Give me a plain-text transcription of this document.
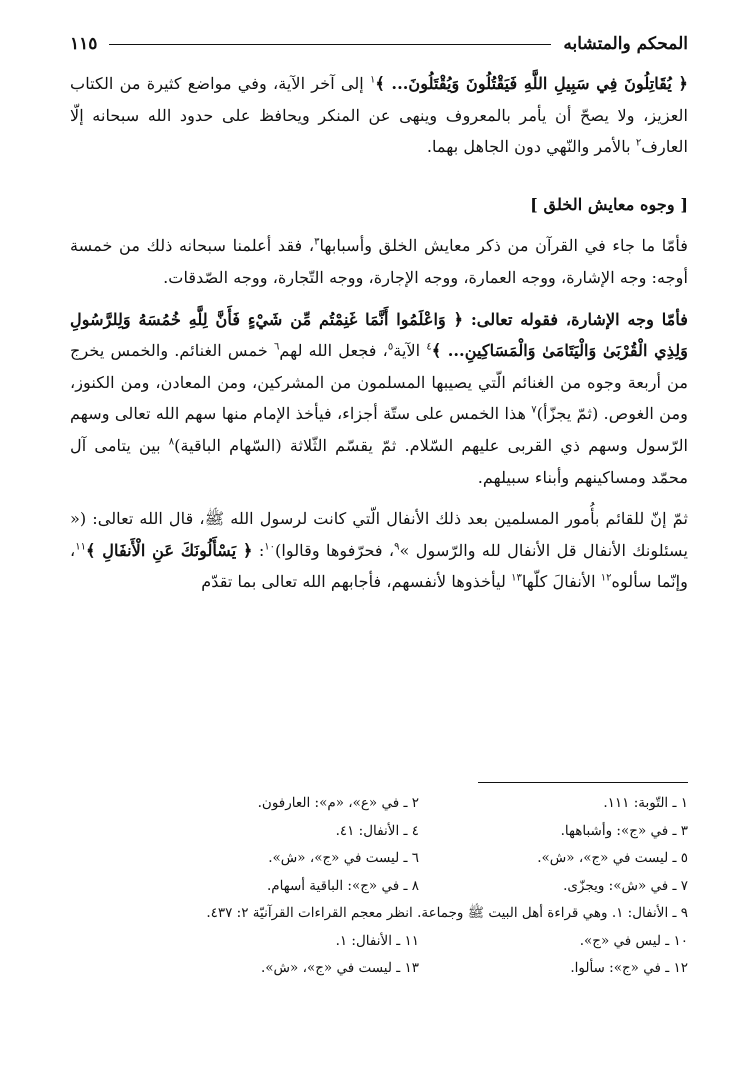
المحكم والمتشابه
١١٥

﴿ يُقَاتِلُونَ فِي سَبِيلِ اللَّهِ فَيَقْتُلُونَ وَيُقْتَلُونَ... ﴾$^١$ إلى آخر الآية، وفي مواضع كثيرة من الكتاب العزيز، ولا يصحّ أن يأمر بالمعروف وينهى عن المنكر ويحافظ على حدود الله سبحانه إلّا العارف$^٢$ بالأمر والنّهي دون الجاهل بهما.

[ وجوه معايش الخلق ]

فأمّا ما جاء في القرآن من ذكر معايش الخلق وأسبابها$^٣$، فقد أعلمنا سبحانه ذلك من خمسة أوجه: وجه الإشارة، ووجه العمارة، ووجه الإجارة، ووجه التّجارة، ووجه الصّدقات.

فأمّا وجه الإشارة، فقوله تعالى: ﴿ وَاعْلَمُوا أَنَّمَا غَنِمْتُم مِّن شَيْءٍ فَأَنَّ لِلَّهِ خُمُسَهُ وَلِلرَّسُولِ وَلِذِي الْقُرْبَىٰ وَالْيَتَامَىٰ وَالْمَسَاكِينِ... ﴾$^٤$ الآية$^٥$، فجعل الله لهم$^٦$ خمس الغنائم. والخمس يخرج من أربعة وجوه من الغنائم الّتي يصيبها المسلمون من المشركين، ومن المعادن، ومن الكنوز، ومن الغوص. (ثمّ يجزّأ)$^٧$ هذا الخمس على ستّة أجزاء، فيأخذ الإمام منها سهم الله تعالى وسهم الرّسول وسهم ذي القربى عليهم السّلام. ثمّ يقسّم الثّلاثة (السّهام الباقية)$^٨$ بين يتامى آل محمّد ومساكينهم وأبناء سبيلهم.

ثمّ إنّ للقائم بأُمور المسلمين بعد ذلك الأنفال الّتي كانت لرسول الله ﷺ، قال الله تعالى: (« يسئلونك الأنفال قل الأنفال لله والرّسول »$^٩$، فحرّفوها وقالوا)$^{١٠}$: ﴿ يَسْأَلُونَكَ عَنِ الْأَنفَالِ ﴾$^{١١}$، وإنّما سألوه$^{١٢}$ الأنفالَ كلّها$^{١٣}$ ليأخذوها لأنفسهم، فأجابهم الله تعالى بما تقدّم

١ ـ التّوبة: ١١١.
٢ ـ في «ع»، «م»: العارفون.
٣ ـ في «ج»: وأشباهها.
٤ ـ الأنفال: ٤١.
٥ ـ ليست في «ج»، «ش».
٦ ـ ليست في «ج»، «ش».
٧ ـ في «ش»: ويجزّى.
٨ ـ في «ج»: الباقية أسهام.
٩ ـ الأنفال: ١. وهي قراءة أهل البيت ﷺ وجماعة. انظر معجم القراءات القرآنيّة ٢: ٤٣٧.
١٠ ـ ليس في «ج».
١١ ـ الأنفال: ١.
١٢ ـ في «ج»: سألوا.
١٣ ـ ليست في «ج»، «ش».
